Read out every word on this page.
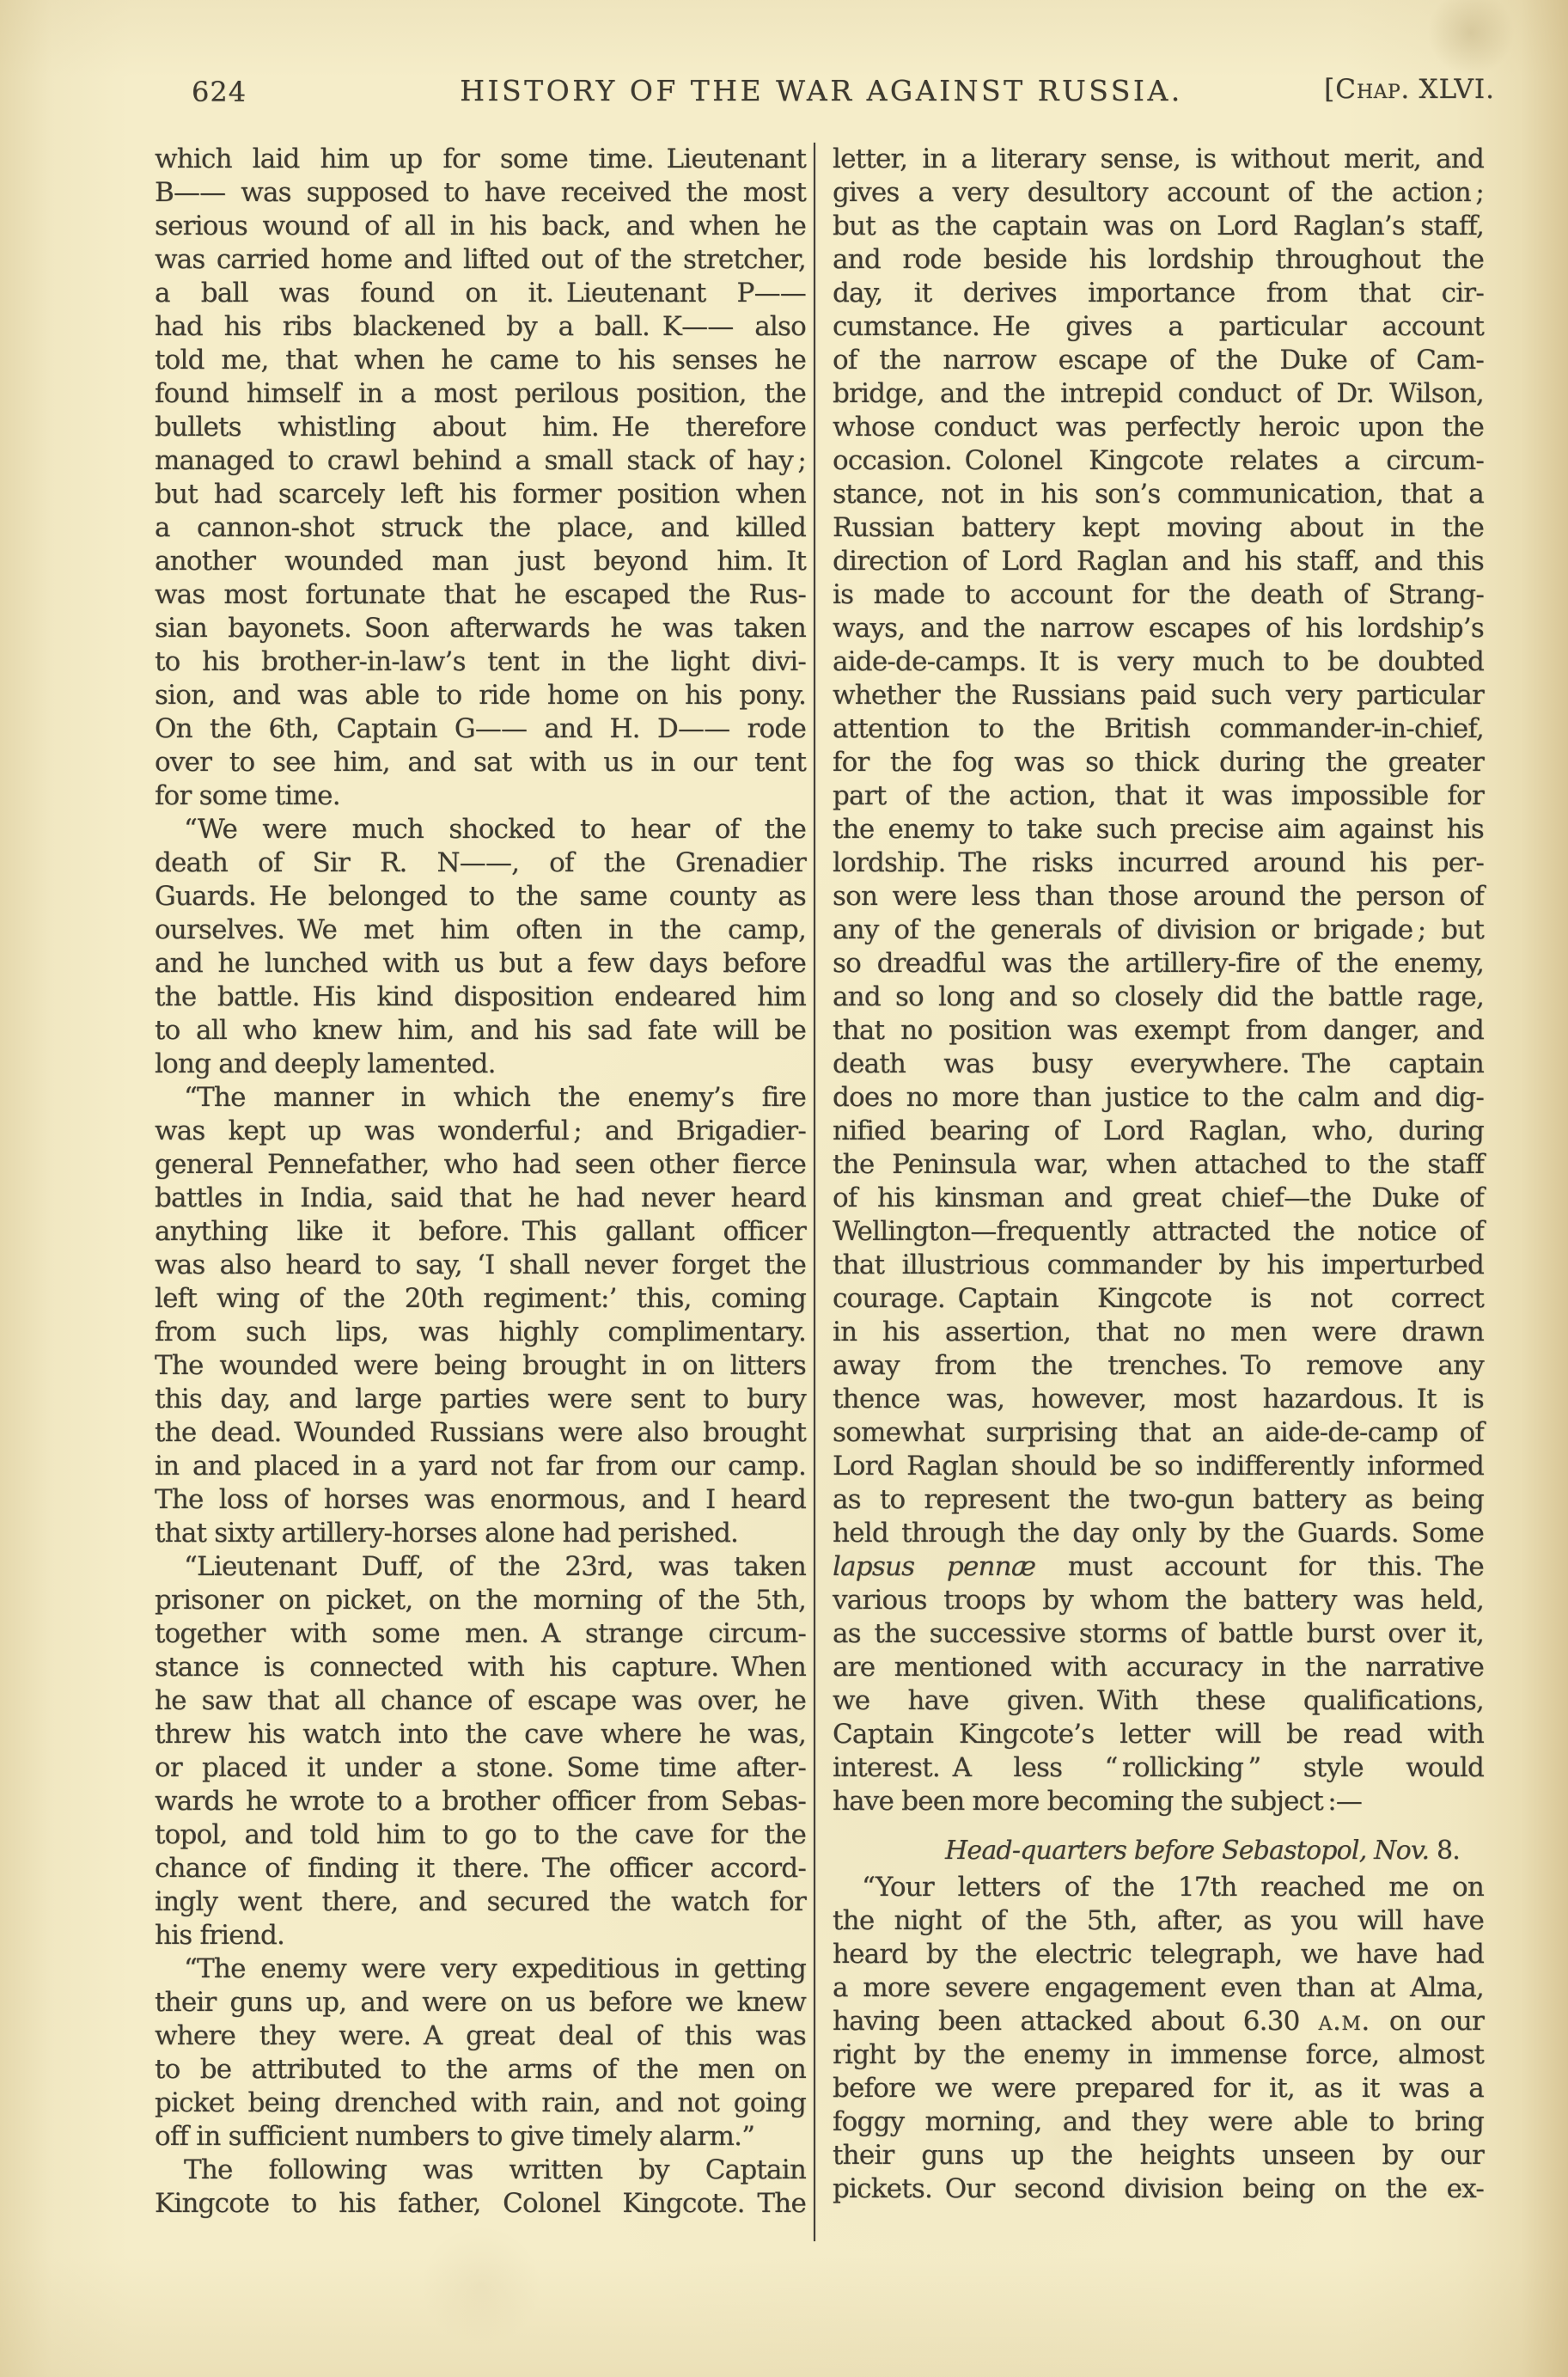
624	HISTORY OF THE WAR AGAINST RUSSIA.	[Chap. XLVI.
which laid him up for some time. Lieutenant
B—— was supposed to have received the most
serious wound of all in his back, and when he
was carried home and lifted out of the stretcher,
a ball was found on it. Lieutenant P——
had his ribs blackened by a ball. K—— also
told me, that when he came to his senses he
found himself in a most perilous position, the
bullets whistling about him. He therefore
managed to crawl behind a small stack of hay ;
but had scarcely left his former position when
a cannon-shot struck the place, and killed
another wounded man just beyond him. It
was most fortunate that he escaped the Rus-
sian bayonets. Soon afterwards he was taken
to his brother-in-law’s tent in the light divi-
sion, and was able to ride home on his pony.
On the 6th, Captain G—— and H. D—— rode
over to see him, and sat with us in our tent
for some time.
“We were much shocked to hear of the
death of Sir R. N——, of the Grenadier
Guards. He belonged to the same county as
ourselves. We met him often in the camp,
and he lunched with us but a few days before
the battle. His kind disposition endeared him
to all who knew him, and his sad fate will be
long and deeply lamented.
“The manner in which the enemy’s fire
was kept up was wonderful ; and Brigadier-
general Pennefather, who had seen other fierce
battles in India, said that he had never heard
anything like it before. This gallant officer
was also heard to say, ‘I shall never forget the
left wing of the 20th regiment:’ this, coming
from such lips, was highly complimentary.
The wounded were being brought in on litters
this day, and large parties were sent to bury
the dead. Wounded Russians were also brought
in and placed in a yard not far from our camp.
The loss of horses was enormous, and I heard
that sixty artillery-horses alone had perished.
“Lieutenant Duff, of the 23rd, was taken
prisoner on picket, on the morning of the 5th,
together with some men. A strange circum-
stance is connected with his capture. When
he saw that all chance of escape was over, he
threw his watch into the cave where he was,
or placed it under a stone. Some time after-
wards he wrote to a brother officer from Sebas-
topol, and told him to go to the cave for the
chance of finding it there. The officer accord-
ingly went there, and secured the watch for
his friend.
“The enemy were very expeditious in getting
their guns up, and were on us before we knew
where they were. A great deal of this was
to be attributed to the arms of the men on
picket being drenched with rain, and not going
off in sufficient numbers to give timely alarm.”
The following was written by Captain
Kingcote to his father, Colonel Kingcote. The
letter, in a literary sense, is without merit, and
gives a very desultory account of the action ;
but as the captain was on Lord Raglan’s staff,
and rode beside his lordship throughout the
day, it derives importance from that cir-
cumstance. He gives a particular account
of the narrow escape of the Duke of Cam-
bridge, and the intrepid conduct of Dr. Wilson,
whose conduct was perfectly heroic upon the
occasion. Colonel Kingcote relates a circum-
stance, not in his son’s communication, that a
Russian battery kept moving about in the
direction of Lord Raglan and his staff, and this
is made to account for the death of Strang-
ways, and the narrow escapes of his lordship’s
aide-de-camps. It is very much to be doubted
whether the Russians paid such very particular
attention to the British commander-in-chief,
for the fog was so thick during the greater
part of the action, that it was impossible for
the enemy to take such precise aim against his
lordship. The risks incurred around his per-
son were less than those around the person of
any of the generals of division or brigade ; but
so dreadful was the artillery-fire of the enemy,
and so long and so closely did the battle rage,
that no position was exempt from danger, and
death was busy everywhere. The captain
does no more than justice to the calm and dig-
nified bearing of Lord Raglan, who, during
the Peninsula war, when attached to the staff
of his kinsman and great chief—the Duke of
Wellington—frequently attracted the notice of
that illustrious commander by his imperturbed
courage. Captain Kingcote is not correct
in his assertion, that no men were drawn
away from the trenches. To remove any
thence was, however, most hazardous. It is
somewhat surprising that an aide-de-camp of
Lord Raglan should be so indifferently informed
as to represent the two-gun battery as being
held through the day only by the Guards. Some
lapsus pennæ must account for this. The
various troops by whom the battery was held,
as the successive storms of battle burst over it,
are mentioned with accuracy in the narrative
we have given. With these qualifications,
Captain Kingcote’s letter will be read with
interest. A less “ rollicking ” style would
have been more becoming the subject :—
Head-quarters before Sebastopol, Nov. 8.
“Your letters of the 17th reached me on
the night of the 5th, after, as you will have
heard by the electric telegraph, we have had
a more severe engagement even than at Alma,
having been attacked about 6.30 a.m. on our
right by the enemy in immense force, almost
before we were prepared for it, as it was a
foggy morning, and they were able to bring
their guns up the heights unseen by our
pickets. Our second division being on the ex-
